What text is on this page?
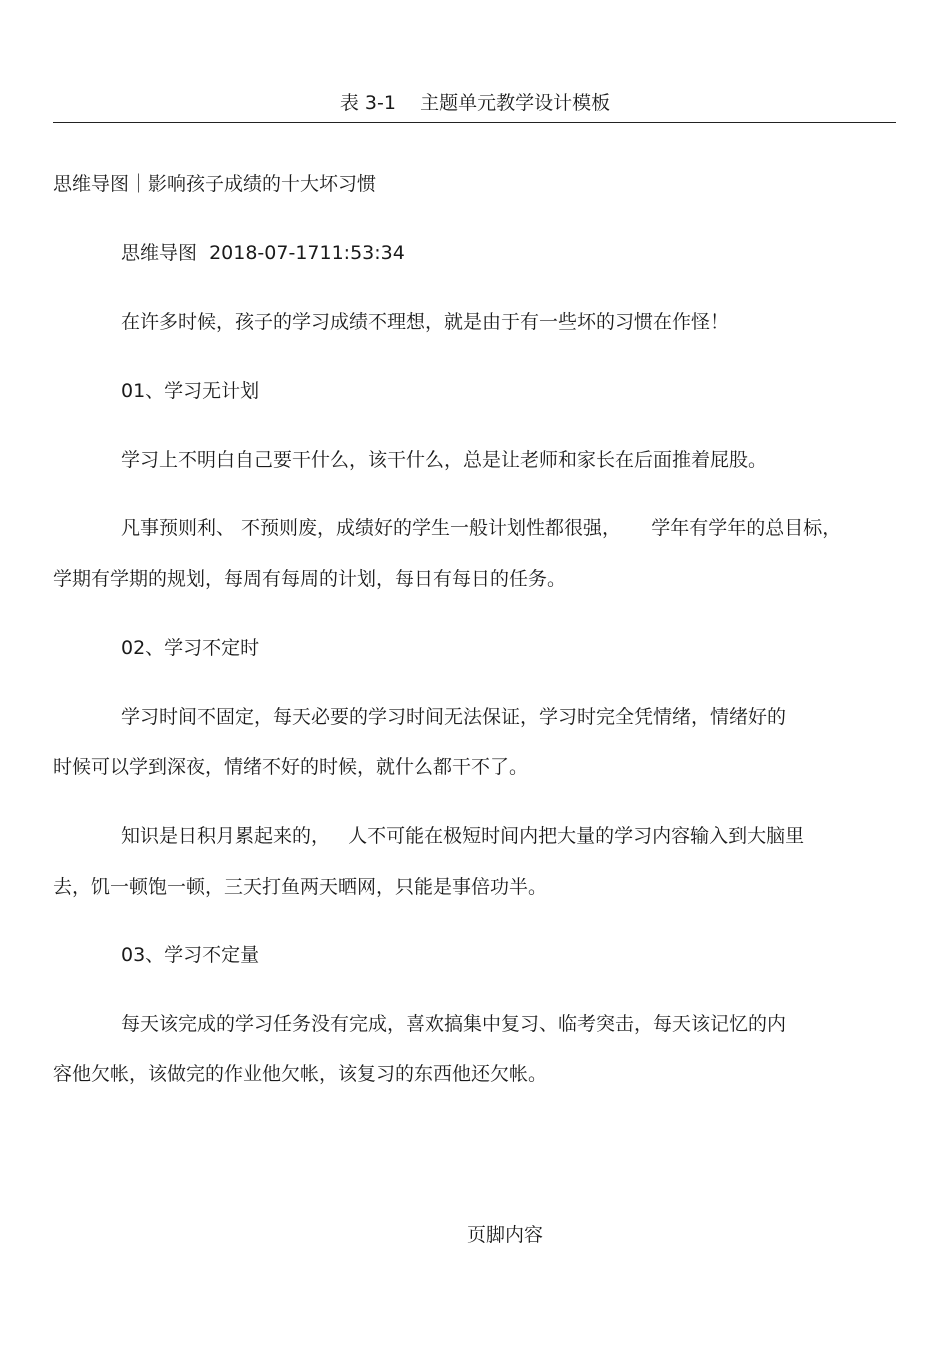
表 3-1    主题单元教学设计模板
思维导图｜影响孩子成绩的十大坏习惯
思维导图  2018-07-1711:53:34
在许多时候，孩子的学习成绩不理想，就是由于有一些坏的习惯在作怪！
01、学习无计划
学习上不明白自己要干什么，该干什么，总是让老师和家长在后面推着屁股。
凡事预则利、 不预则废，成绩好的学生一般计划性都很强，     学年有学年的总目标，
学期有学期的规划，每周有每周的计划，每日有每日的任务。
02、学习不定时
学习时间不固定，每天必要的学习时间无法保证，学习时完全凭情绪，情绪好的
时候可以学到深夜，情绪不好的时候，就什么都干不了。
知识是日积月累起来的，   人不可能在极短时间内把大量的学习内容输入到大脑里
去，饥一顿饱一顿，三天打鱼两天晒网，只能是事倍功半。
03、学习不定量
每天该完成的学习任务没有完成，喜欢搞集中复习、临考突击，每天该记忆的内
容他欠帐，该做完的作业他欠帐，该复习的东西他还欠帐。
页脚内容
